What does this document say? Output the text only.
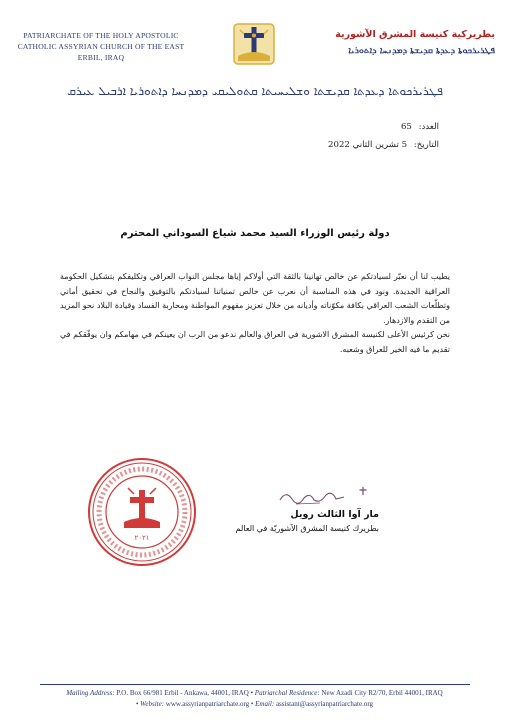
PATRIARCHATE OF THE HOLY APOSTOLIC
CATHOLIC ASSYRIAN CHURCH OF THE EAST
ERBIL, IRAQ
بطريركية كنيسة المشرق الآشورية
ܦܛܪܝܪܟܘܬܐ ܕܥܕܬܐ ܩܕܝܫܬܐ ܕܡܕܢܚܐ ܕܐܬܘܪܝܐ
ܦܛܪܝܪܟܘܬܐ ܕܥܕܬܐ ܩܕܝܫܬܐ ܘܫܠܝܚܝܬܐ ܩܬܘܠܝܩܝ ܕܡܕܢܚܐ ܕܐܬܘܪܝܐ ܐܪܒܝܠ ܥܝܪܩ
العدد: 65
التاريخ: 5 تشرين الثاني 2022
دولة رئيس الوزراء السيد محمد شياع السوداني المحترم

يطيب لنا أن نعبّر لسيادتكم عن خالص تهانينا بالثقة التي أولاكم إياها مجلس النواب العراقي وتكليفكم بتشكيل الحكومة العراقية الجديدة. ونود في هذه المناسبة أن نعرب عن خالص تمنياتنا لسيادتكم بالتوفيق والنجاح في تحقيق أماني وتطلّعات الشعب العراقي بكافة مكوّناته وأديانه من خلال تعزيز مفهوم المواطنة ومحاربة الفساد وقيادة البلاد نحو المزيد من التقدم والازدهار.

نحن كرئيس الأعلى لكنيسة المشرق الاشورية في العراق والعالم ندعو من الرب ان يعينكم في مهامكم وان يوفّقكم في تقديم ما فيه الخير للعراق وشعبه.

٢٠٢١
مار آوا الثالث رويل
بطريرك كنيسة المشرق الآشوريّة في العالم
Mailing Address: P.O. Box 66/981 Erbil - Ankawa, 44001, IRAQ • Patriarchal Residence: New Azadi City R2/70, Erbil 44001, IRAQ
• Website: www.assyrianpatriarchate.org • Email: assistant@assyrianpatriarchate.org
